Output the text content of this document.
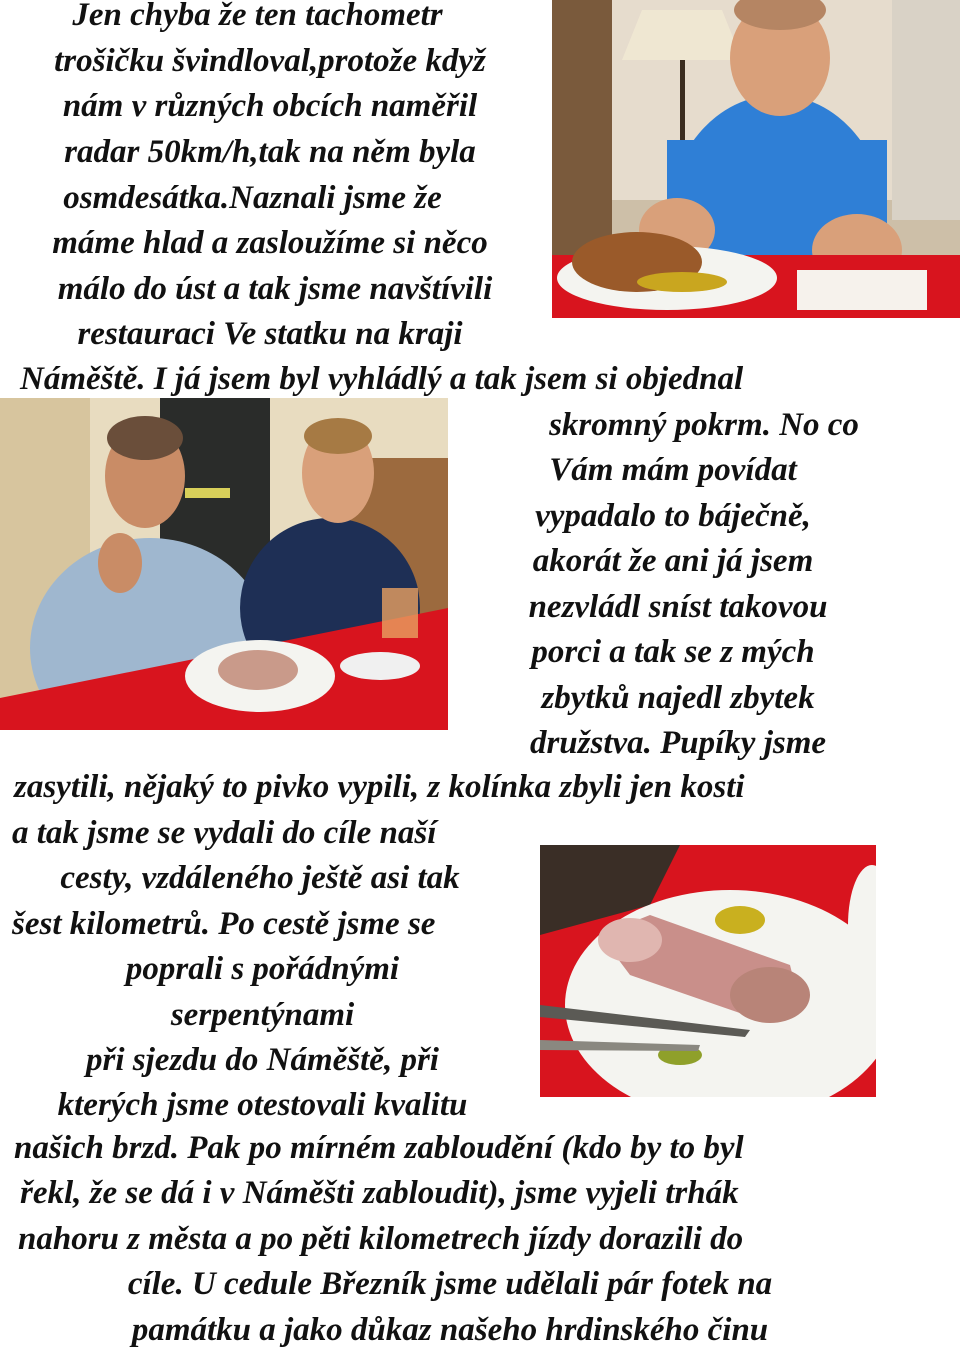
Jen chyba že ten tachometr
trošičku švindloval,protože když
nám v různých obcích naměřil
radar 50km/h,tak na něm byla
osmdesátka.Naznali jsme že
máme hlad a zasloužíme si něco
málo do úst a tak jsme navštívili
restauraci Ve statku na kraji
Náměště. I já jsem byl vyhládlý a tak jsem si objednal
skromný pokrm. No co
Vám mám povídat
vypadalo to báječně,
akorát že ani já jsem
nezvládl sníst takovou
porci a tak se z mých
zbytků najedl zbytek
družstva. Pupíky jsme
zasytili, nějaký to pivko vypili, z kolínka zbyli jen kosti
a tak jsme se vydali do cíle naší
cesty, vzdáleného ještě asi tak
šest kilometrů. Po cestě jsme se
poprali s pořádnými
serpentýnami
při sjezdu do Náměště, při
kterých jsme otestovali kvalitu
našich brzd. Pak po mírném zabloudění (kdo by to byl
řekl, že se dá i v Náměšti zabloudit), jsme vyjeli trhák
nahoru z města a po pěti kilometrech jízdy dorazili do
cíle. U cedule Březník jsme udělali pár fotek na
památku a jako důkaz našeho hrdinského činu
